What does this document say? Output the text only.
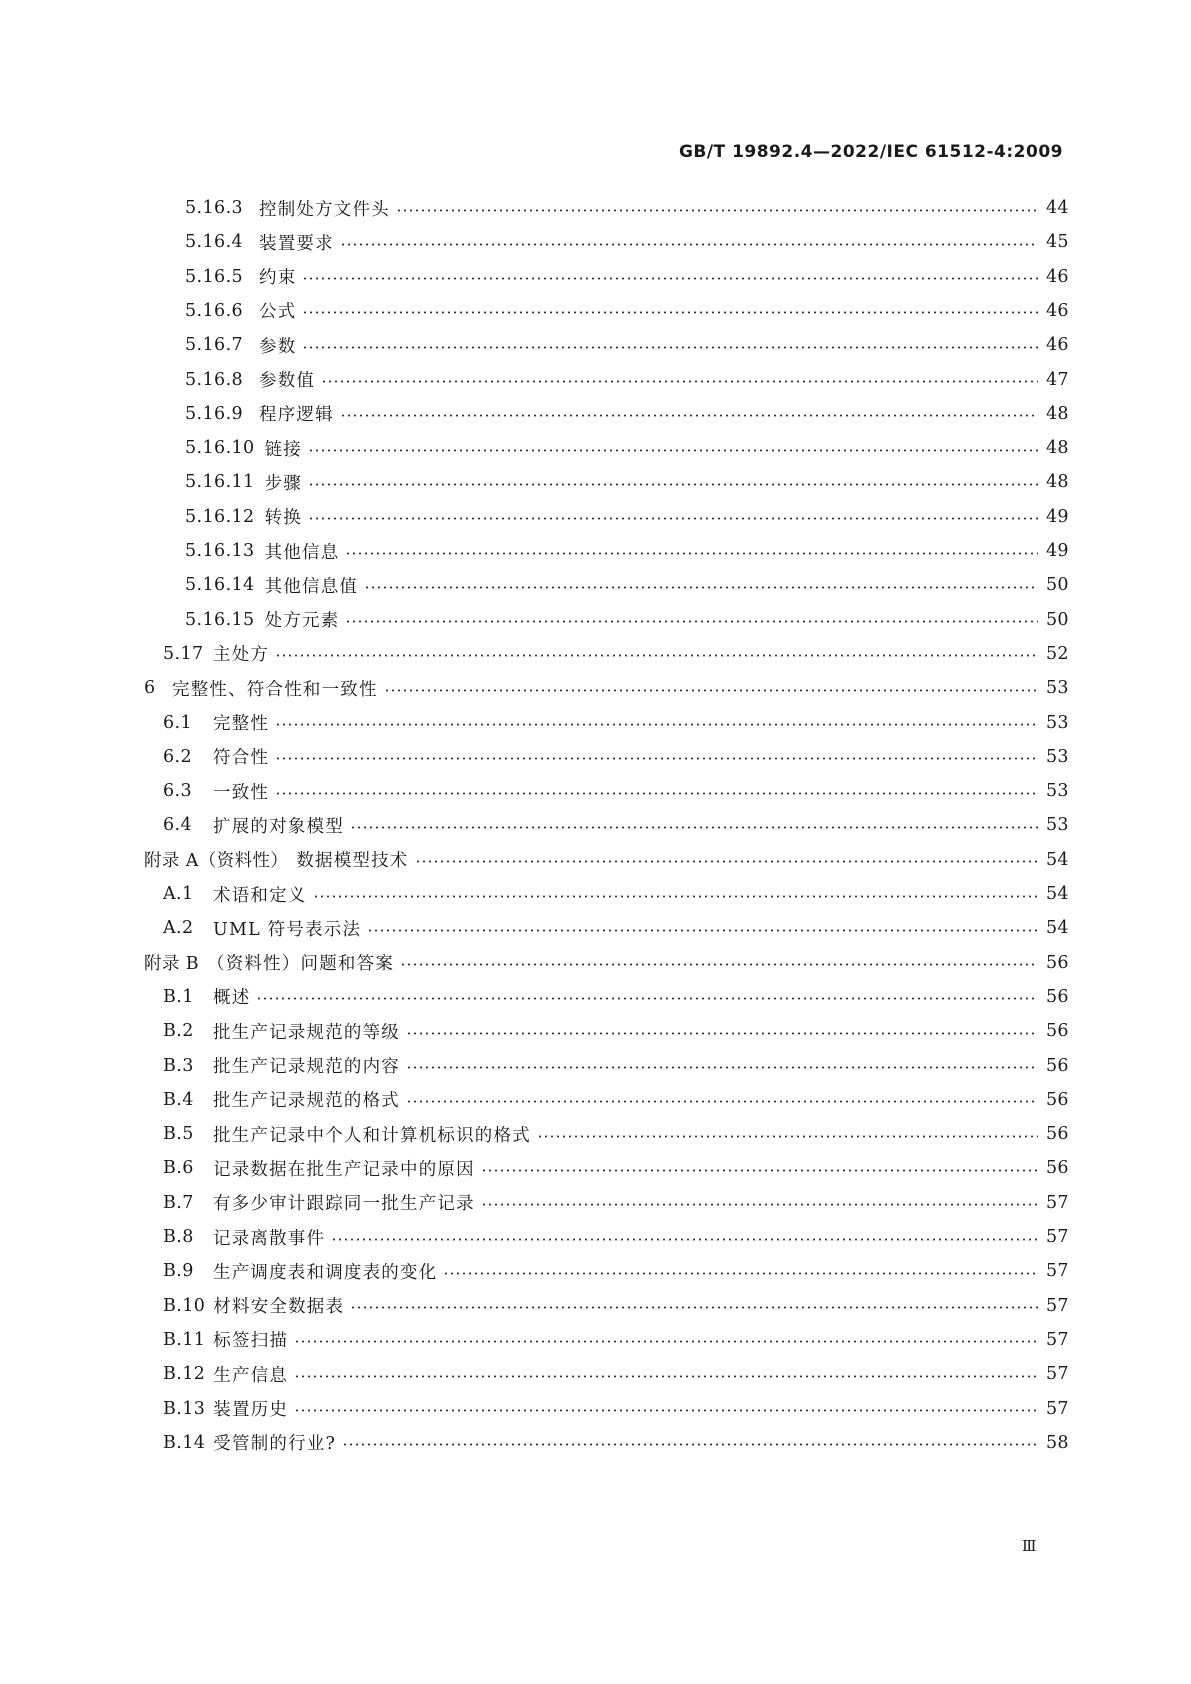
GB/T 19892.4—2022/IEC 61512-4:2009
5.16.3 控制处方文件头	44
5.16.4 装置要求	45
5.16.5 约束	46
5.16.6 公式	46
5.16.7 参数	46
5.16.8 参数值	47
5.16.9 程序逻辑	48
5.16.10 链接	48
5.16.11 步骤	48
5.16.12 转换	49
5.16.13 其他信息	49
5.16.14 其他信息值	50
5.16.15 处方元素	50
5.17 主处方	52
6 完整性、符合性和一致性	53
6.1	完整性	53
6.2	符合性	53
6.3	一致性	53
6.4	扩展的对象模型	53
附录 A（资料性） 数据模型技术	54
A.1	术语和定义	54
A.2	UML 符号表示法	54
附录 B （资料性）问题和答案	56
B.1	概述	56
B.2	批生产记录规范的等级	56
B.3	批生产记录规范的内容	56
B.4	批生产记录规范的格式	56
B.5	批生产记录中个人和计算机标识的格式	56
B.6	记录数据在批生产记录中的原因	56
B.7	有多少审计跟踪同一批生产记录	57
B.8	记录离散事件	57
B.9	生产调度表和调度表的变化	57
B.10 材料安全数据表	57
B.11 标签扫描	57
B.12 生产信息	57
B.13 装置历史	57
B.14 受管制的行业?	58
Ⅲ
